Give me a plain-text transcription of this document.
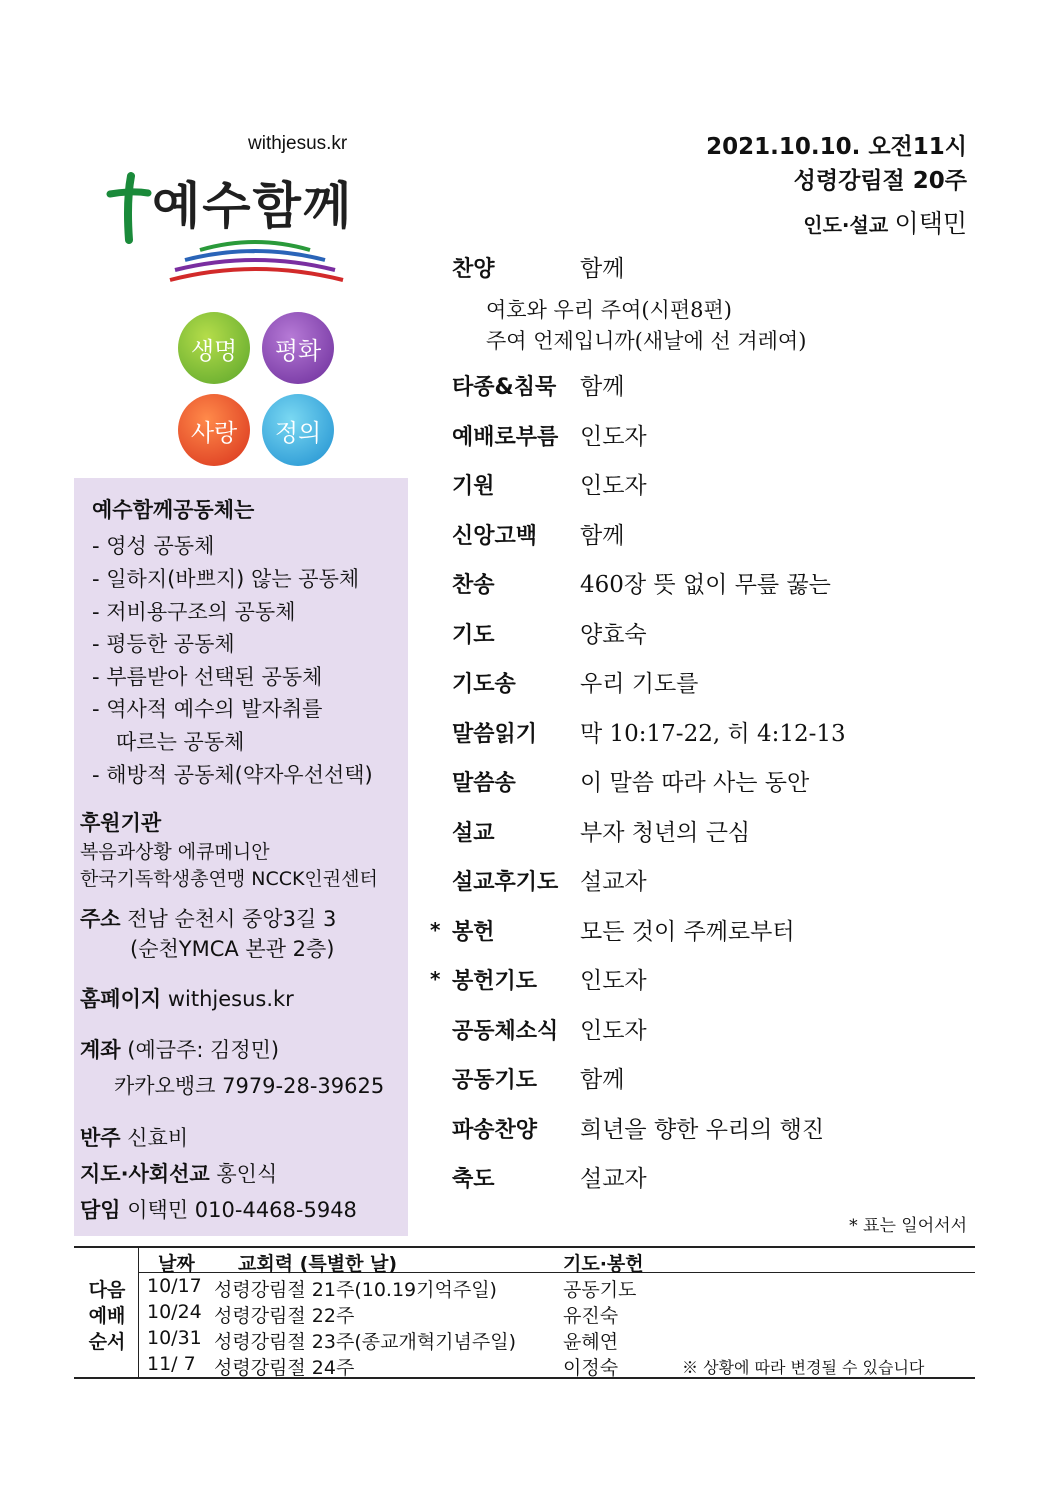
withjesus.kr
예수함께
생명	평화
사랑	정의
예수함께공동체는
- 영성 공동체
- 일하지(바쁘지) 않는 공동체
- 저비용구조의 공동체
- 평등한 공동체
- 부름받아 선택된 공동체
- 역사적 예수의 발자취를
따르는 공동체
- 해방적 공동체(약자우선선택)
후원기관
복음과상황 에큐메니안
한국기독학생총연맹 NCCK인권센터
주소 전남 순천시 중앙3길 3
(순천YMCA 본관 2층)
홈페이지 withjesus.kr
계좌 (예금주: 김정민)
카카오뱅크 7979-28-39625
반주 신효비
지도·사회선교 홍인식
담임 이택민 010-4468-5948
2021.10.10. 오전11시
성령강림절 20주
인도·설교 이택민
찬양	함께
여호와 우리 주여(시편8편)
주여 언제입니까(새날에 선 겨레여)
타종&침묵 함께
예배로부름 인도자
기원	인도자
신앙고백 함께
찬송	460장 뜻 없이 무릎 꿇는
기도	양효숙
기도송	우리 기도를
말씀읽기 막 10:17-22, 히 4:12-13
말씀송	이 말씀 따라 사는 동안
설교	부자 청년의 근심
설교후기도 설교자
* 봉헌	모든 것이 주께로부터
* 봉헌기도 인도자
공동체소식 인도자
공동기도 함께
파송찬양 희년을 향한 우리의 행진
축도	설교자
* 표는 일어서서
날짜 교회력 (특별한 날)	기도·봉헌
다음
예배
순서
10/17 성령강림절 21주(10.19기억주일)	공동기도
10/24 성령강림절 22주	유진숙
10/31 성령강림절 23주(종교개혁기념주일) 윤혜연
11/ 7 성령강림절 24주	이정숙	※ 상황에 따라 변경될 수 있습니다
